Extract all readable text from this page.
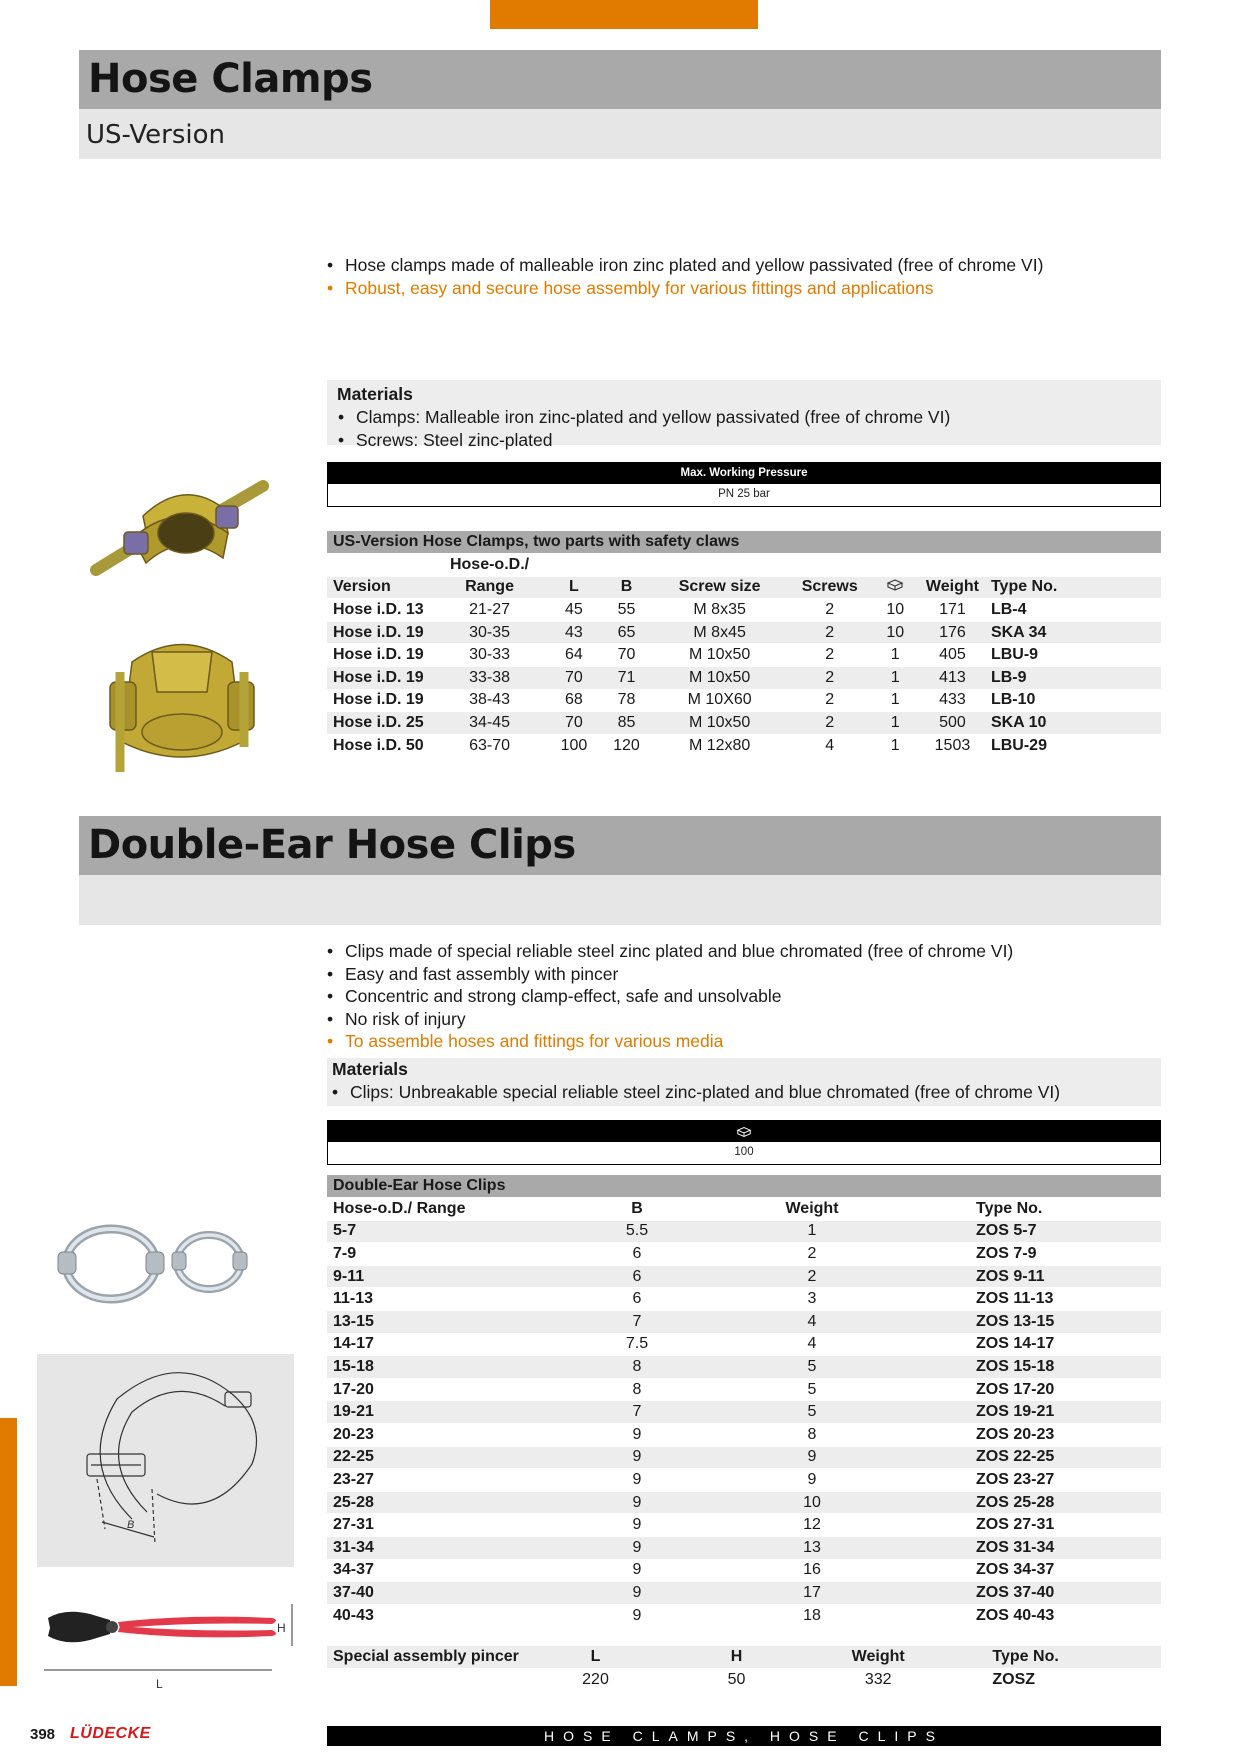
Hose Clamps
US-Version
• Hose clamps made of malleable iron zinc plated and yellow passivated (free of chrome VI)
• Robust, easy and secure hose assembly for various fittings and applications
Materials
• Clamps: Malleable iron zinc-plated and yellow passivated (free of chrome VI)
• Screws: Steel zinc-plated
Max. Working Pressure
PN 25 bar
US-Version Hose Clamps, two parts with safety claws								
	Hose-o.D./							
Version	Range	L	B	Screw size	Screws		Weight	Type No.
Hose i.D. 13	21-27	45	55	M 8x35	2	10	171	LB-4
Hose i.D. 19	30-35	43	65	M 8x45	2	10	176	SKA 34
Hose i.D. 19	30-33	64	70	M 10x50	2	1	405	LBU-9
Hose i.D. 19	33-38	70	71	M 10x50	2	1	413	LB-9
Hose i.D. 19	38-43	68	78	M 10X60	2	1	433	LB-10
Hose i.D. 25	34-45	70	85	M 10x50	2	1	500	SKA 10
Hose i.D. 50	63-70	100	120	M 12x80	4	1	1503	LBU-29
Double-Ear Hose Clips
• Clips made of special reliable steel zinc plated and blue chromated (free of chrome VI)
• Easy and fast assembly with pincer
• Concentric and strong clamp-effect, safe and unsolvable
• No risk of injury
• To assemble hoses and fittings for various media
Materials
• Clips: Unbreakable special reliable steel zinc-plated and blue chromated (free of chrome VI)
100
B
H
L
Double-Ear Hose Clips			
Hose-o.D./ Range	B	Weight	Type No.
5-7	5.5	1	ZOS 5-7
7-9	6	2	ZOS 7-9
9-11	6	2	ZOS 9-11
11-13	6	3	ZOS 11-13
13-15	7	4	ZOS 13-15
14-17	7.5	4	ZOS 14-17
15-18	8	5	ZOS 15-18
17-20	8	5	ZOS 17-20
19-21	7	5	ZOS 19-21
20-23	9	8	ZOS 20-23
22-25	9	9	ZOS 22-25
23-27	9	9	ZOS 23-27
25-28	9	10	ZOS 25-28
27-31	9	12	ZOS 27-31
31-34	9	13	ZOS 31-34
34-37	9	16	ZOS 34-37
37-40	9	17	ZOS 37-40
40-43	9	18	ZOS 40-43
Special assembly pincer	L	H	Weight	Type No.
	220	50	332	ZOSZ
398 LÜDECKE	HOSE CLAMPS, HOSE CLIPS
